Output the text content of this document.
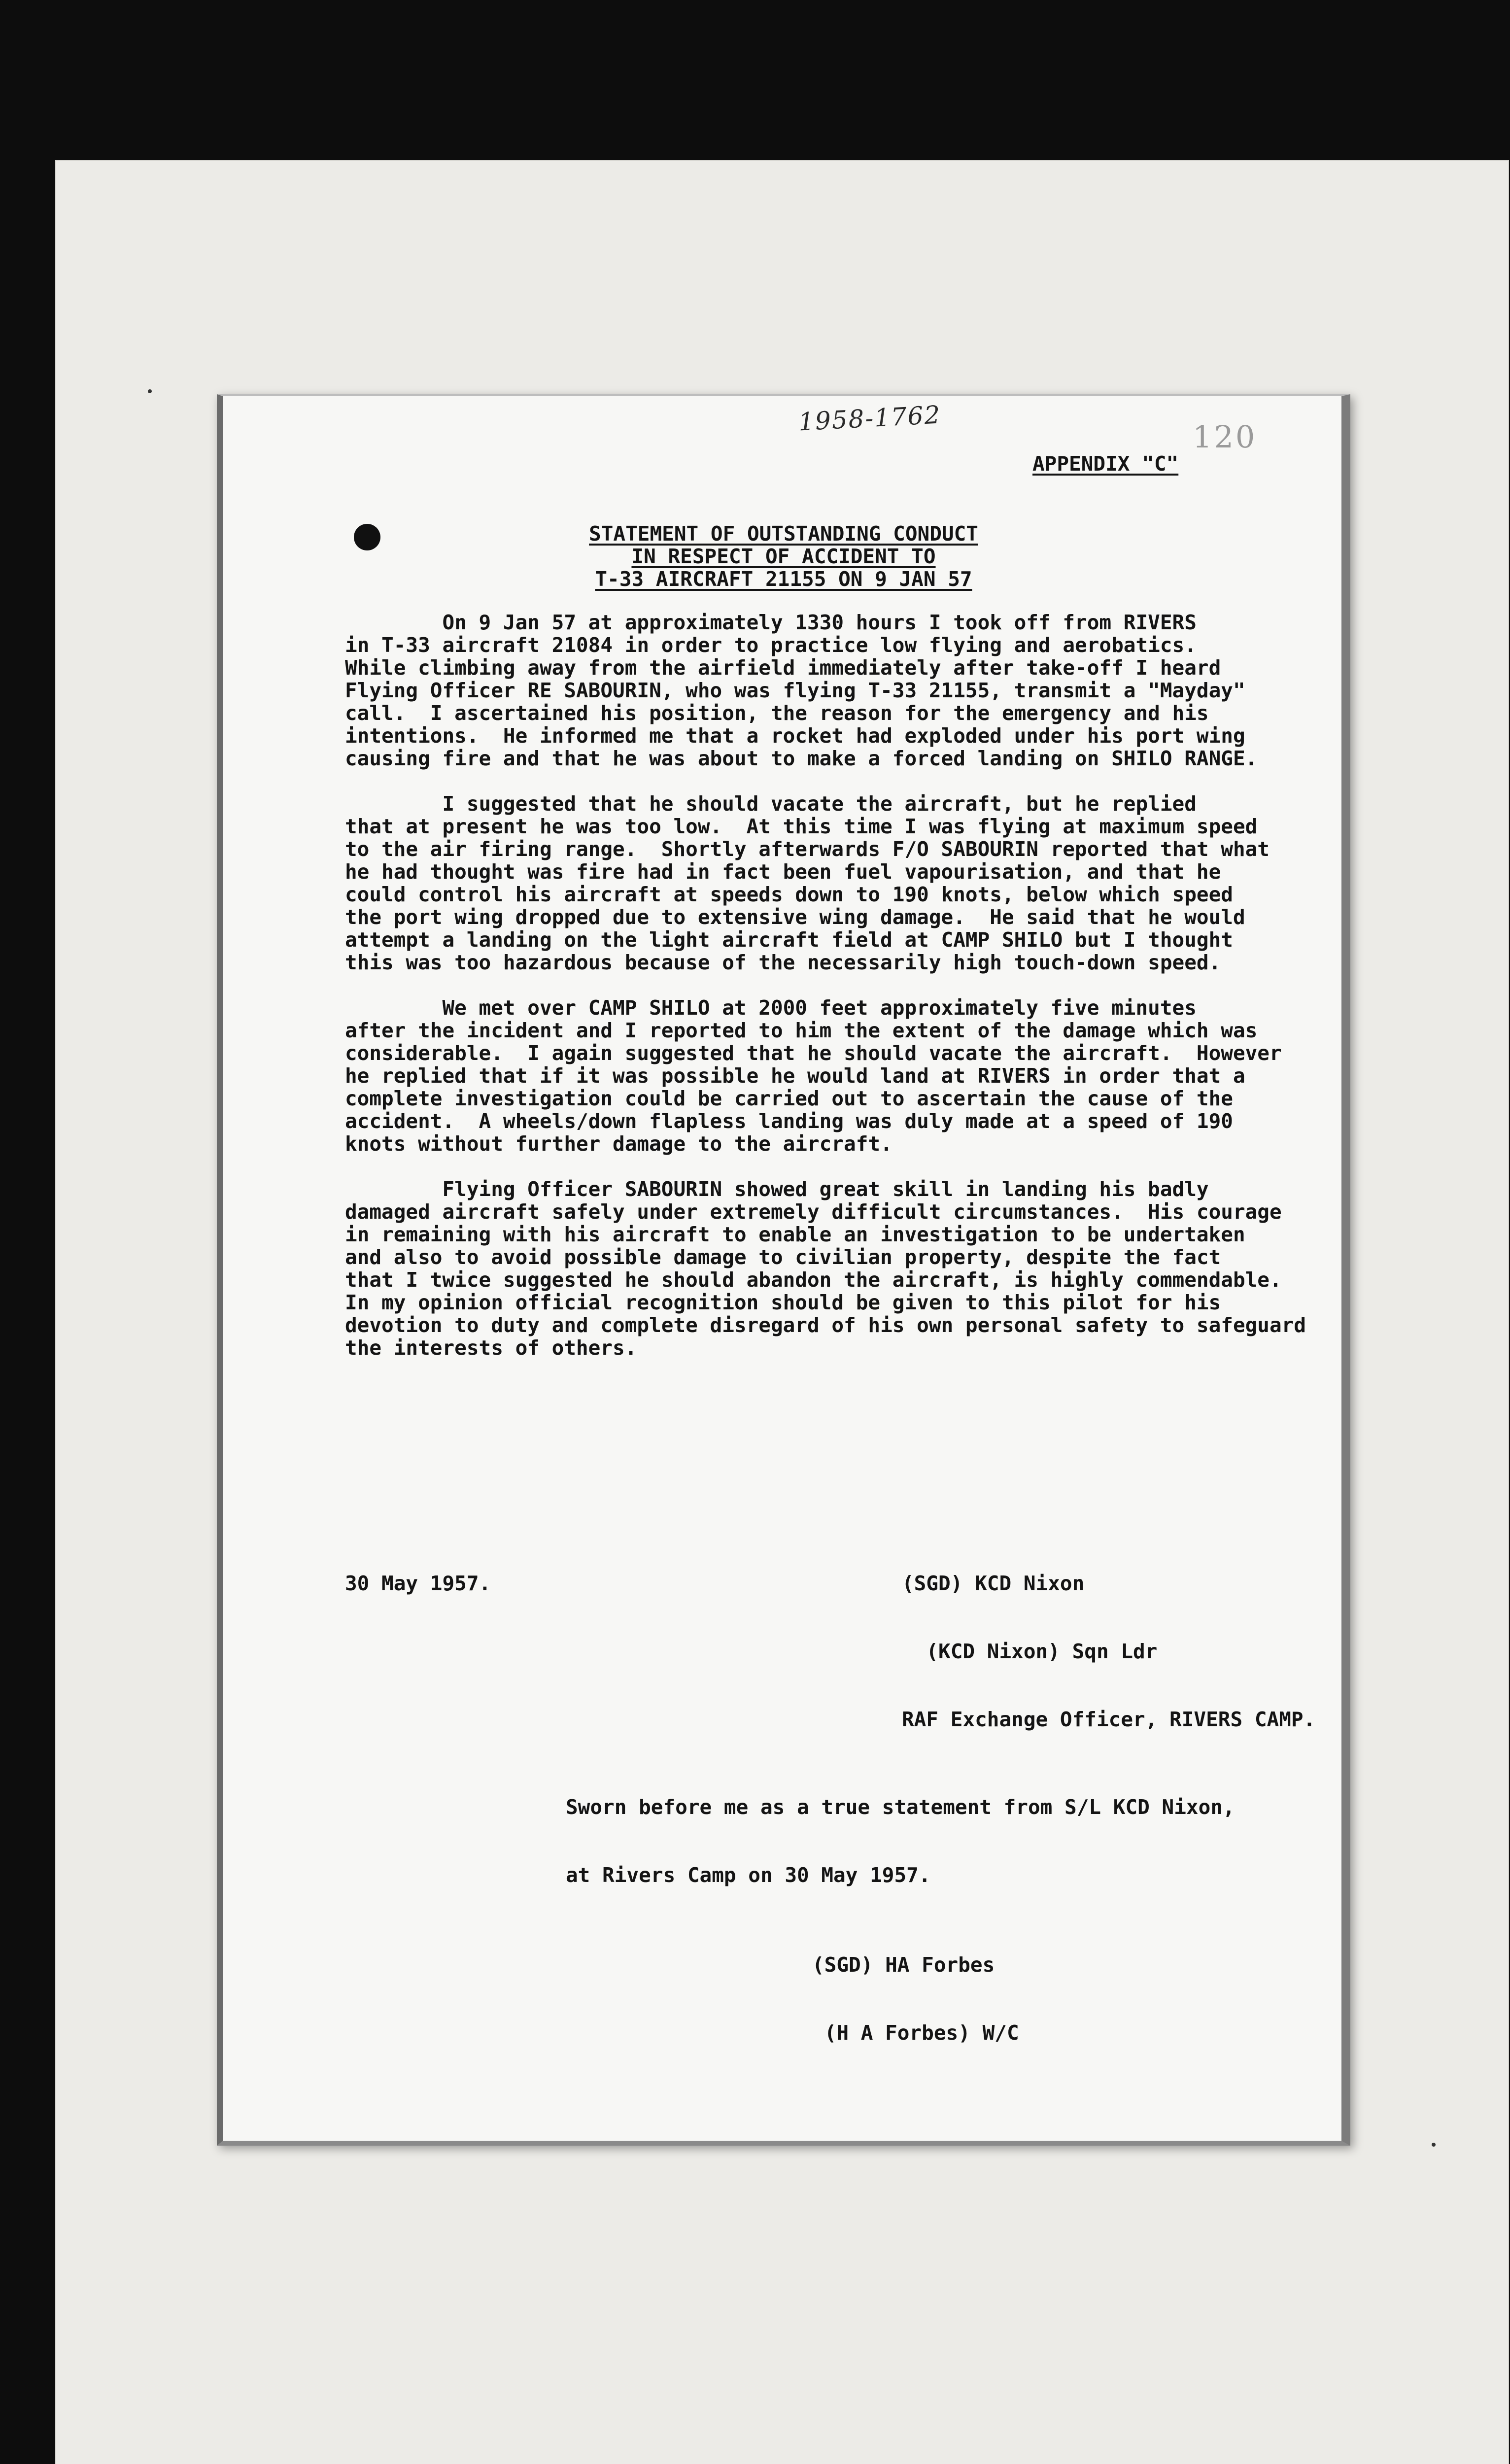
1958-1762
120
APPENDIX "C"
STATEMENT OF OUTSTANDING CONDUCT
IN RESPECT OF ACCIDENT TO
T-33 AIRCRAFT 21155 ON 9 JAN 57

On 9 Jan 57 at approximately 1330 hours I took off from RIVERS
in T-33 aircraft 21084 in order to practice low flying and aerobatics.
While climbing away from the airfield immediately after take-off I heard
Flying Officer RE SABOURIN, who was flying T-33 21155, transmit a "Mayday"
call.  I ascertained his position, the reason for the emergency and his
intentions.  He informed me that a rocket had exploded under his port wing
causing fire and that he was about to make a forced landing on SHILO RANGE.

I suggested that he should vacate the aircraft, but he replied
that at present he was too low.  At this time I was flying at maximum speed
to the air firing range.  Shortly afterwards F/O SABOURIN reported that what
he had thought was fire had in fact been fuel vapourisation, and that he
could control his aircraft at speeds down to 190 knots, below which speed
the port wing dropped due to extensive wing damage.  He said that he would
attempt a landing on the light aircraft field at CAMP SHILO but I thought
this was too hazardous because of the necessarily high touch-down speed.

We met over CAMP SHILO at 2000 feet approximately five minutes
after the incident and I reported to him the extent of the damage which was
considerable.  I again suggested that he should vacate the aircraft.  However
he replied that if it was possible he would land at RIVERS in order that a
complete investigation could be carried out to ascertain the cause of the
accident.  A wheels/down flapless landing was duly made at a speed of 190
knots without further damage to the aircraft.

Flying Officer SABOURIN showed great skill in landing his badly
damaged aircraft safely under extremely difficult circumstances.  His courage
in remaining with his aircraft to enable an investigation to be undertaken
and also to avoid possible damage to civilian property, despite the fact
that I twice suggested he should abandon the aircraft, is highly commendable.
In my opinion official recognition should be given to this pilot for his
devotion to duty and complete disregard of his own personal safety to safeguard
the interests of others.

(SGD) KCD Nixon

(KCD Nixon) Sqn Ldr

RAF Exchange Officer, RIVERS CAMP.

30 May 1957.

Sworn before me as a true statement from S/L KCD Nixon,

at Rivers Camp on 30 May 1957.

(SGD) HA Forbes

(H A Forbes) W/C
